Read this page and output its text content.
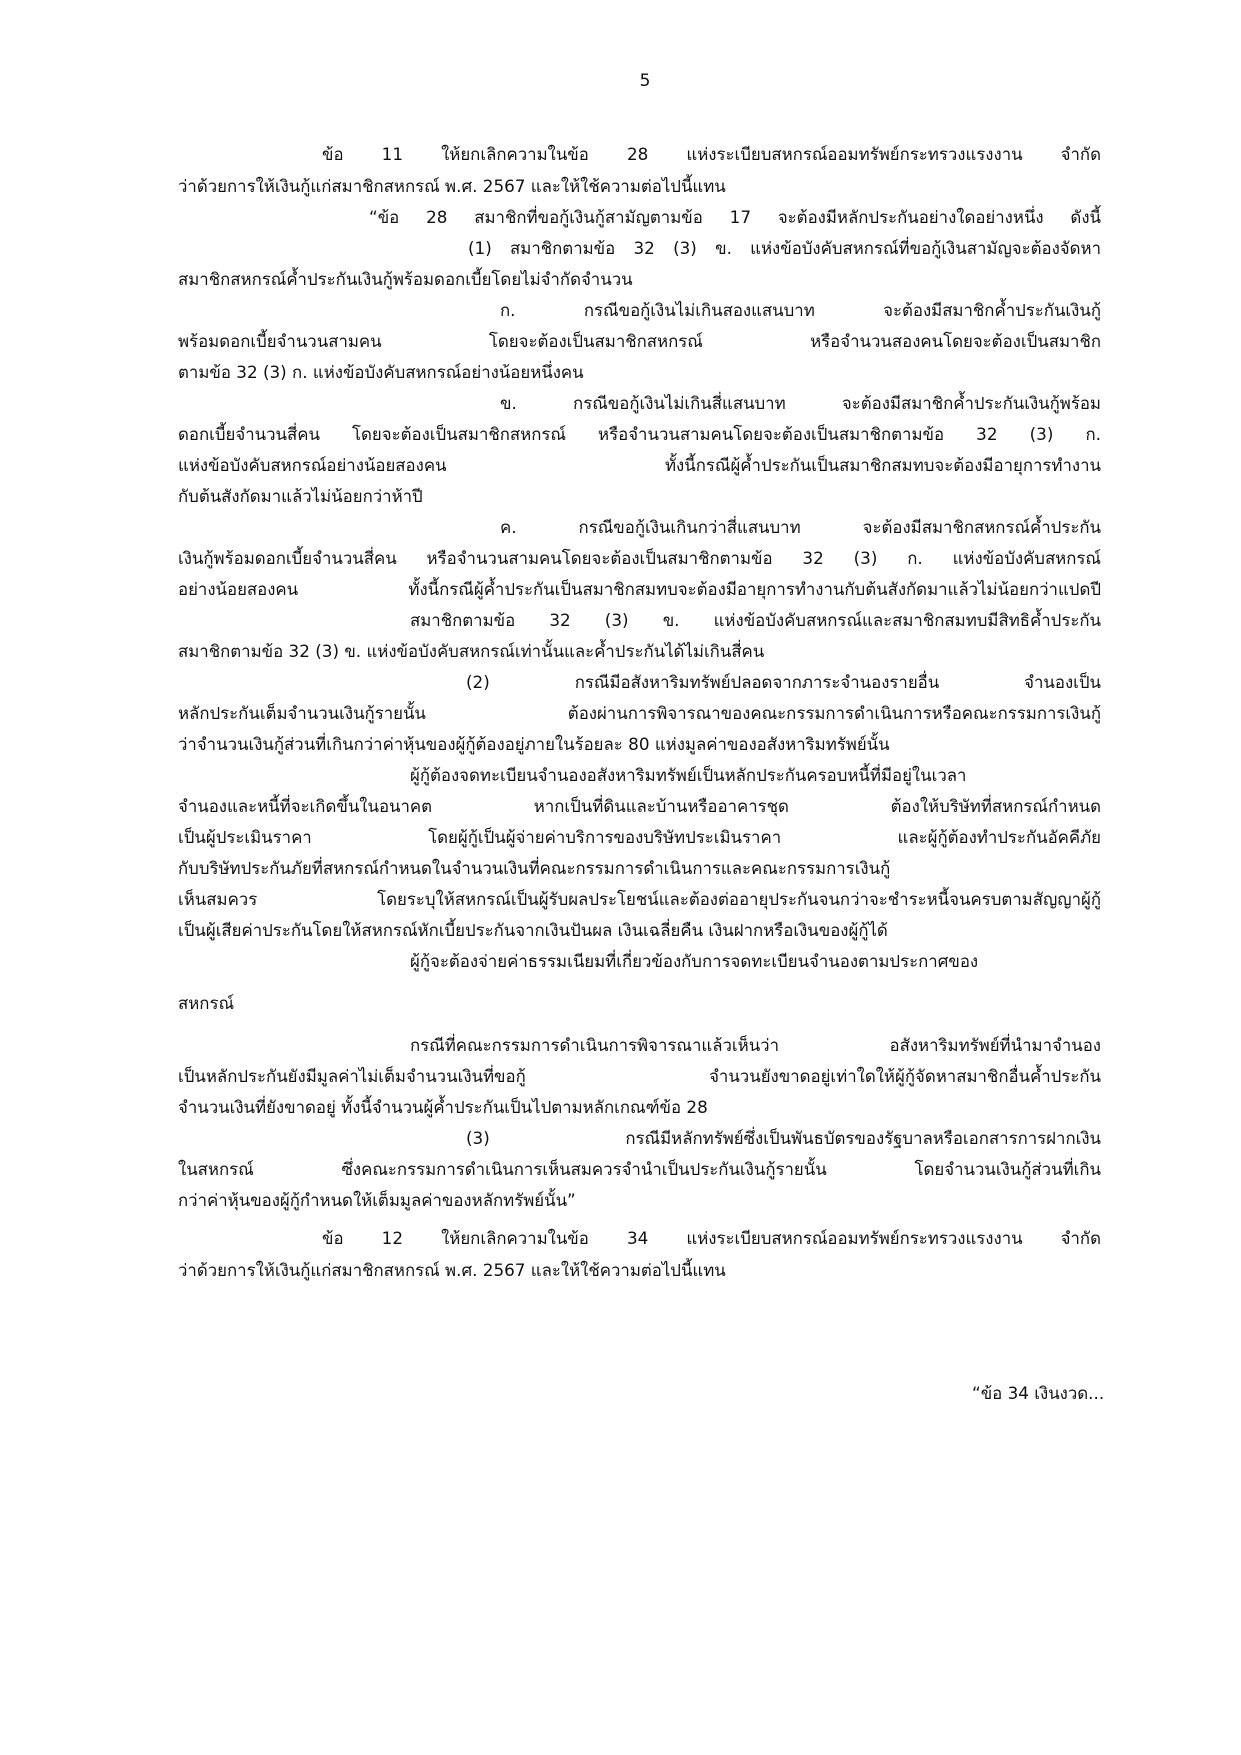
5
ข้อ 11 ให้ยกเลิกความในข้อ 28 แห่งระเบียบสหกรณ์ออมทรัพย์กระทรวงแรงงาน จำกัด
ว่าด้วยการให้เงินกู้แก่สมาชิกสหกรณ์ พ.ศ. 2567 และให้ใช้ความต่อไปนี้แทน
“ข้อ 28 สมาชิกที่ขอกู้เงินกู้สามัญตามข้อ 17 จะต้องมีหลักประกันอย่างใดอย่างหนึ่ง ดังนี้
(1) สมาชิกตามข้อ 32 (3) ข. แห่งข้อบังคับสหกรณ์ที่ขอกู้เงินสามัญจะต้องจัดหา
สมาชิกสหกรณ์ค้ำประกันเงินกู้พร้อมดอกเบี้ยโดยไม่จำกัดจำนวน
ก. กรณีขอกู้เงินไม่เกินสองแสนบาท จะต้องมีสมาชิกค้ำประกันเงินกู้
พร้อมดอกเบี้ยจำนวนสามคน โดยจะต้องเป็นสมาชิกสหกรณ์ หรือจำนวนสองคนโดยจะต้องเป็นสมาชิก
ตามข้อ 32 (3) ก. แห่งข้อบังคับสหกรณ์อย่างน้อยหนึ่งคน
ข. กรณีขอกู้เงินไม่เกินสี่แสนบาท จะต้องมีสมาชิกค้ำประกันเงินกู้พร้อม
ดอกเบี้ยจำนวนสี่คน โดยจะต้องเป็นสมาชิกสหกรณ์ หรือจำนวนสามคนโดยจะต้องเป็นสมาชิกตามข้อ 32 (3) ก.
แห่งข้อบังคับสหกรณ์อย่างน้อยสองคน ทั้งนี้กรณีผู้ค้ำประกันเป็นสมาชิกสมทบจะต้องมีอายุการทำงาน
กับต้นสังกัดมาแล้วไม่น้อยกว่าห้าปี
ค. กรณีขอกู้เงินเกินกว่าสี่แสนบาท จะต้องมีสมาชิกสหกรณ์ค้ำประกัน
เงินกู้พร้อมดอกเบี้ยจำนวนสี่คน หรือจำนวนสามคนโดยจะต้องเป็นสมาชิกตามข้อ 32 (3) ก. แห่งข้อบังคับสหกรณ์
อย่างน้อยสองคน ทั้งนี้กรณีผู้ค้ำประกันเป็นสมาชิกสมทบจะต้องมีอายุการทำงานกับต้นสังกัดมาแล้วไม่น้อยกว่าแปดปี
สมาชิกตามข้อ 32 (3) ข. แห่งข้อบังคับสหกรณ์และสมาชิกสมทบมีสิทธิค้ำประกัน
สมาชิกตามข้อ 32 (3) ข. แห่งข้อบังคับสหกรณ์เท่านั้นและค้ำประกันได้ไม่เกินสี่คน
(2) กรณีมีอสังหาริมทรัพย์ปลอดจากภาระจำนองรายอื่น จำนองเป็น
หลักประกันเต็มจำนวนเงินกู้รายนั้น ต้องผ่านการพิจารณาของคณะกรรมการดำเนินการหรือคณะกรรมการเงินกู้
ว่าจำนวนเงินกู้ส่วนที่เกินกว่าค่าหุ้นของผู้กู้ต้องอยู่ภายในร้อยละ 80 แห่งมูลค่าของอสังหาริมทรัพย์นั้น
ผู้กู้ต้องจดทะเบียนจำนองอสังหาริมทรัพย์เป็นหลักประกันครอบหนี้ที่มีอยู่ในเวลา
จำนองและหนี้ที่จะเกิดขึ้นในอนาคต หากเป็นที่ดินและบ้านหรืออาคารชุด ต้องให้บริษัทที่สหกรณ์กำหนด
เป็นผู้ประเมินราคา โดยผู้กู้เป็นผู้จ่ายค่าบริการของบริษัทประเมินราคา และผู้กู้ต้องทำประกันอัคคีภัย
กับบริษัทประกันภัยที่สหกรณ์กำหนดในจำนวนเงินที่คณะกรรมการดำเนินการและคณะกรรมการเงินกู้
เห็นสมควร โดยระบุให้สหกรณ์เป็นผู้รับผลประโยชน์และต้องต่ออายุประกันจนกว่าจะชำระหนี้จนครบตามสัญญาผู้กู้
เป็นผู้เสียค่าประกันโดยให้สหกรณ์หักเบี้ยประกันจากเงินปันผล เงินเฉลี่ยคืน เงินฝากหรือเงินของผู้กู้ได้
ผู้กู้จะต้องจ่ายค่าธรรมเนียมที่เกี่ยวข้องกับการจดทะเบียนจำนองตามประกาศของ
สหกรณ์
กรณีที่คณะกรรมการดำเนินการพิจารณาแล้วเห็นว่า อสังหาริมทรัพย์ที่นำมาจำนอง
เป็นหลักประกันยังมีมูลค่าไม่เต็มจำนวนเงินที่ขอกู้ จำนวนยังขาดอยู่เท่าใดให้ผู้กู้จัดหาสมาชิกอื่นค้ำประกัน
จำนวนเงินที่ยังขาดอยู่ ทั้งนี้จำนวนผู้ค้ำประกันเป็นไปตามหลักเกณฑ์ข้อ 28
(3) กรณีมีหลักทรัพย์ซึ่งเป็นพันธบัตรของรัฐบาลหรือเอกสารการฝากเงิน
ในสหกรณ์ ซึ่งคณะกรรมการดำเนินการเห็นสมควรจำนำเป็นประกันเงินกู้รายนั้น โดยจำนวนเงินกู้ส่วนที่เกิน
กว่าค่าหุ้นของผู้กู้กำหนดให้เต็มมูลค่าของหลักทรัพย์นั้น”
ข้อ 12 ให้ยกเลิกความในข้อ 34 แห่งระเบียบสหกรณ์ออมทรัพย์กระทรวงแรงงาน จำกัด
ว่าด้วยการให้เงินกู้แก่สมาชิกสหกรณ์ พ.ศ. 2567 และให้ใช้ความต่อไปนี้แทน
“ข้อ 34 เงินงวด...
